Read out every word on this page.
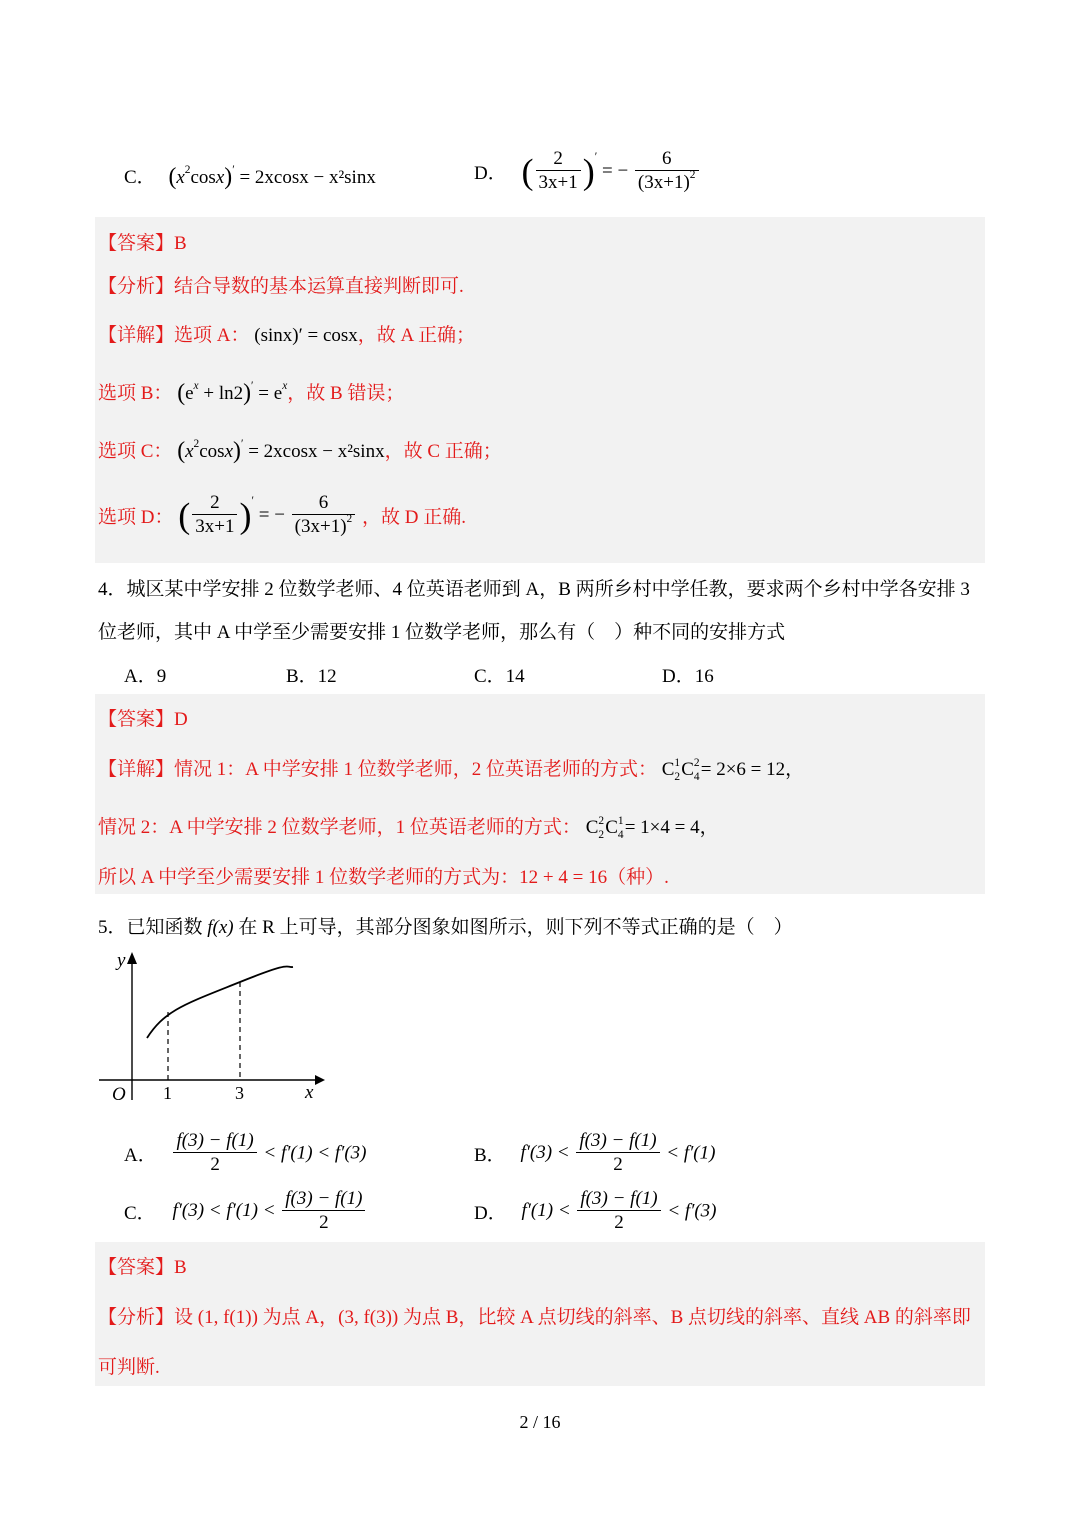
C． $(x^2\cos x)' = 2xcosx - x^2\sin x$	D． ( $\frac{2}{3x+1} )'$ = − $\frac{6}{(3x+1)^2}$
【答案】B
【分析】结合导数的基本运算直接判断即可.
【详解】选项 A： (sinx)′ = cosx，故 A 正确；
选项 B： $(e^x + \ln 2)' = e^x$，故 B 错误；
选项 C： $(x^2\cos x)' = 2xcosx - x^2\sin x$，故 C 正确；
选项 D： ( $\frac{2}{3x+1} )'$ = − $\frac{6}{(3x+1)^2}$ ，故 D 正确.
4．城区某中学安排 2 位数学老师、4 位英语老师到 A，B 两所乡村中学任教，要求两个乡村中学各安排 3
位老师，其中 A 中学至少需要安排 1 位数学老师，那么有（　）种不同的安排方式
A．9	B．12	C．14	D．16
【答案】D
【详解】情况 1：A 中学安排 1 位数学老师，2 位英语老师的方式： C 1
2 C 2
4 = 2×6 = 12，
情况 2：A 中学安排 2 位数学老师，1 位英语老师的方式： C 2
2 C 1
4 = 1×4 = 4，
所以 A 中学至少需要安排 1 位数学老师的方式为：12 + 4 = 16（种）.
5．已知函数 f(x) 在 R 上可导，其部分图象如图所示，则下列不等式正确的是（　）
y
x
O 1	3
A． $\frac{f(3) - f(1)}{2} < f'(1) < f'(3)$	B． $f'(3) < \frac{f(3) - f(1)}{2} < f'(1)$
C． $f'(3) < f'(1) < \frac{f(3) - f(1)}{2}$	D． $f'(1) < \frac{f(3) - f(1)}{2} < f'(3)$
【答案】B
【分析】设 (1, f(1)) 为点 A，(3, f(3)) 为点 B，比较 A 点切线的斜率、B 点切线的斜率、直线 AB 的斜率即
可判断.
2 / 16
